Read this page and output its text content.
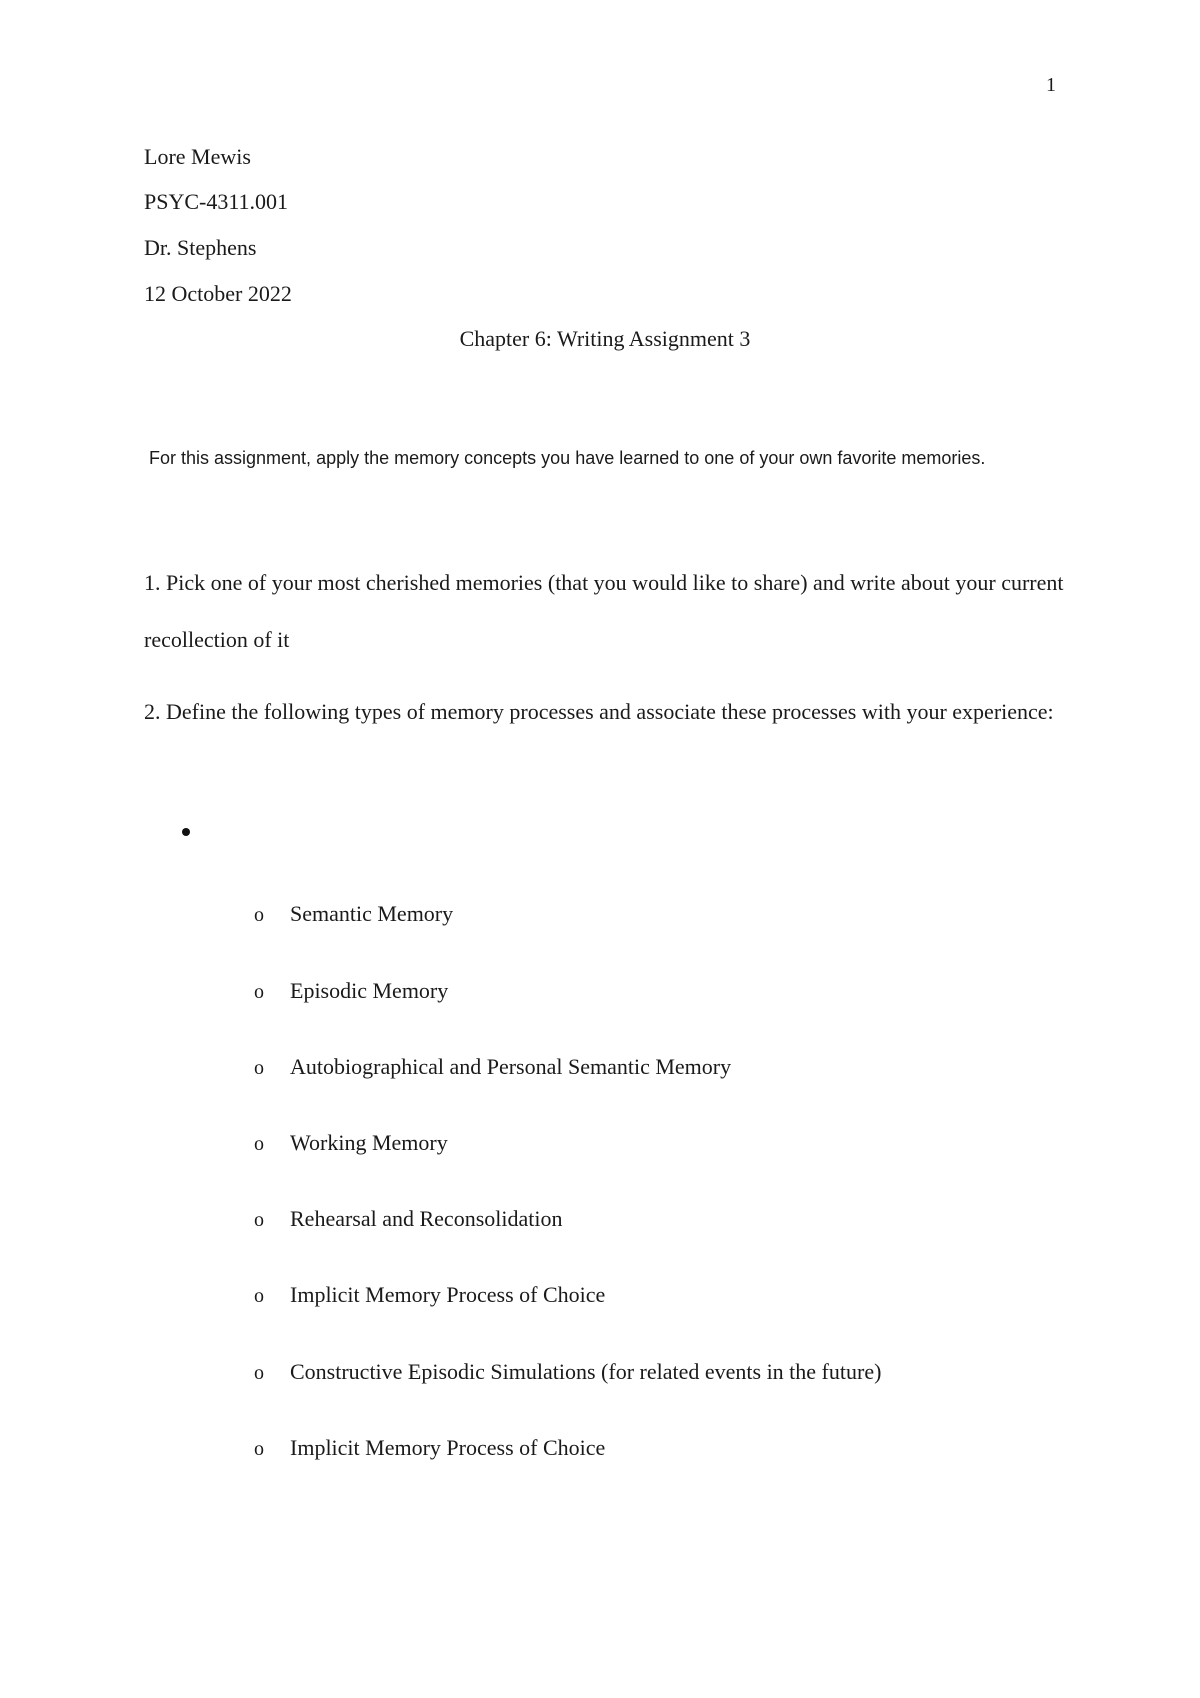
1
Lore Mewis
PSYC-4311.001
Dr. Stephens
12 October 2022
Chapter 6: Writing Assignment 3
For this assignment, apply the memory concepts you have learned to one of your own favorite memories.
1. Pick one of your most cherished memories (that you would like to share) and write about your current recollection of it
2. Define the following types of memory processes and associate these processes with your experience:
o Semantic Memory
o Episodic Memory
o Autobiographical and Personal Semantic Memory
o Working Memory
o Rehearsal and Reconsolidation
o Implicit Memory Process of Choice
o Constructive Episodic Simulations (for related events in the future)
o Implicit Memory Process of Choice
